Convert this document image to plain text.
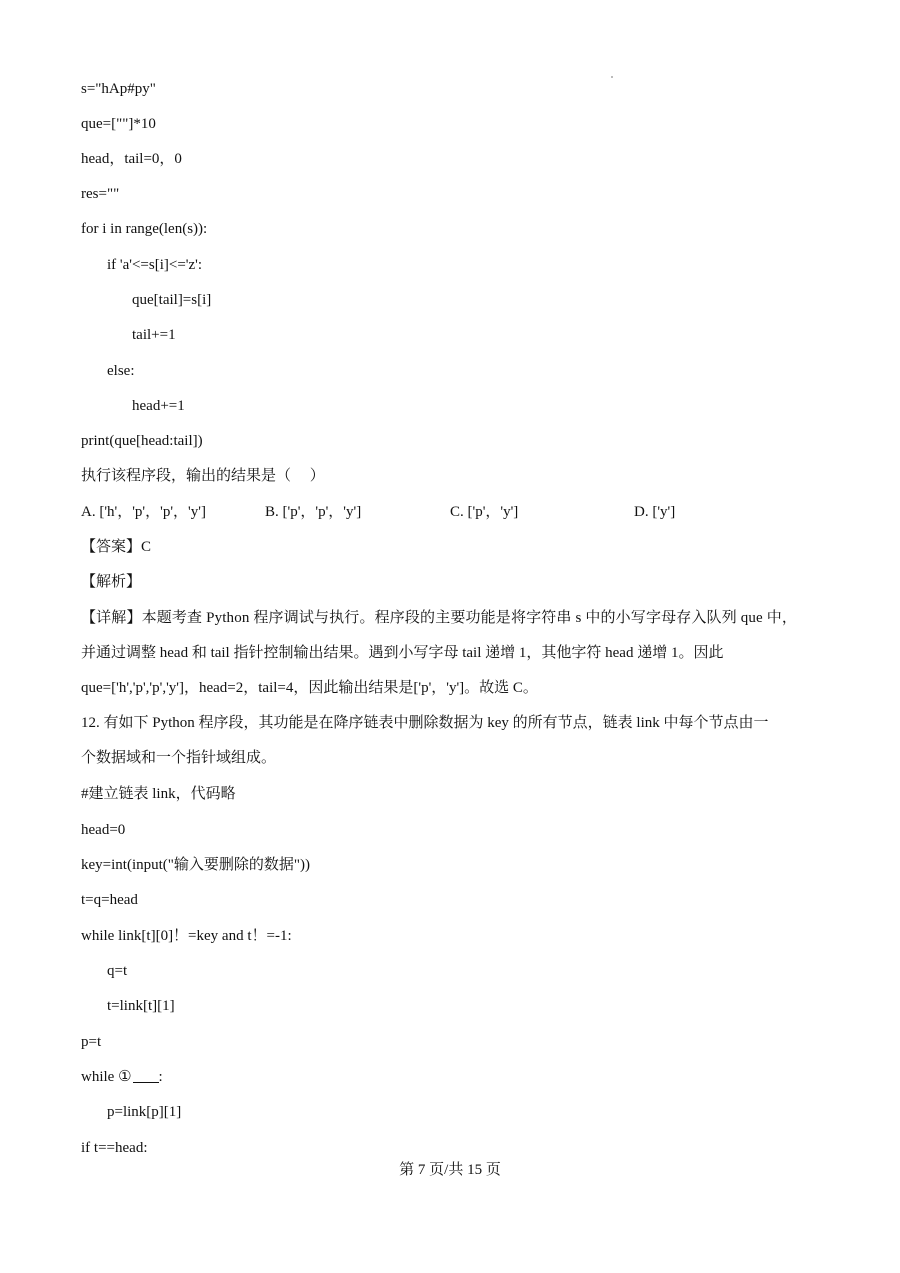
s="hAp#py"
que=[""]*10
head，tail=0，0
res=""
for i in range(len(s)):
if 'a'<=s[i]<='z':
que[tail]=s[i]
tail+=1
else:
head+=1
print(que[head:tail])
执行该程序段，输出的结果是（     ）
A. ['h'，'p'，'p'，'y']	B. ['p'，'p'，'y']	C. ['p'，'y']	D. ['y']
【答案】C
【解析】
【详解】本题考查 Python 程序调试与执行。程序段的主要功能是将字符串 s 中的小写字母存入队列 que 中，
并通过调整 head 和 tail 指针控制输出结果。遇到小写字母 tail 递增 1，其他字符 head 递增 1。因此
que=['h','p','p','y']，head=2，tail=4，因此输出结果是['p'，'y']。故选 C。
12. 有如下 Python 程序段，其功能是在降序链表中删除数据为 key 的所有节点，链表 link 中每个节点由一
个数据域和一个指针域组成。
#建立链表 link，代码略
head=0
key=int(input("输入要删除的数据"))
t=q=head
while link[t][0]！=key and t！=-1:
q=t
t=link[t][1]
p=t
while ① :
p=link[p][1]
if t==head:
第 7 页/共 15 页
